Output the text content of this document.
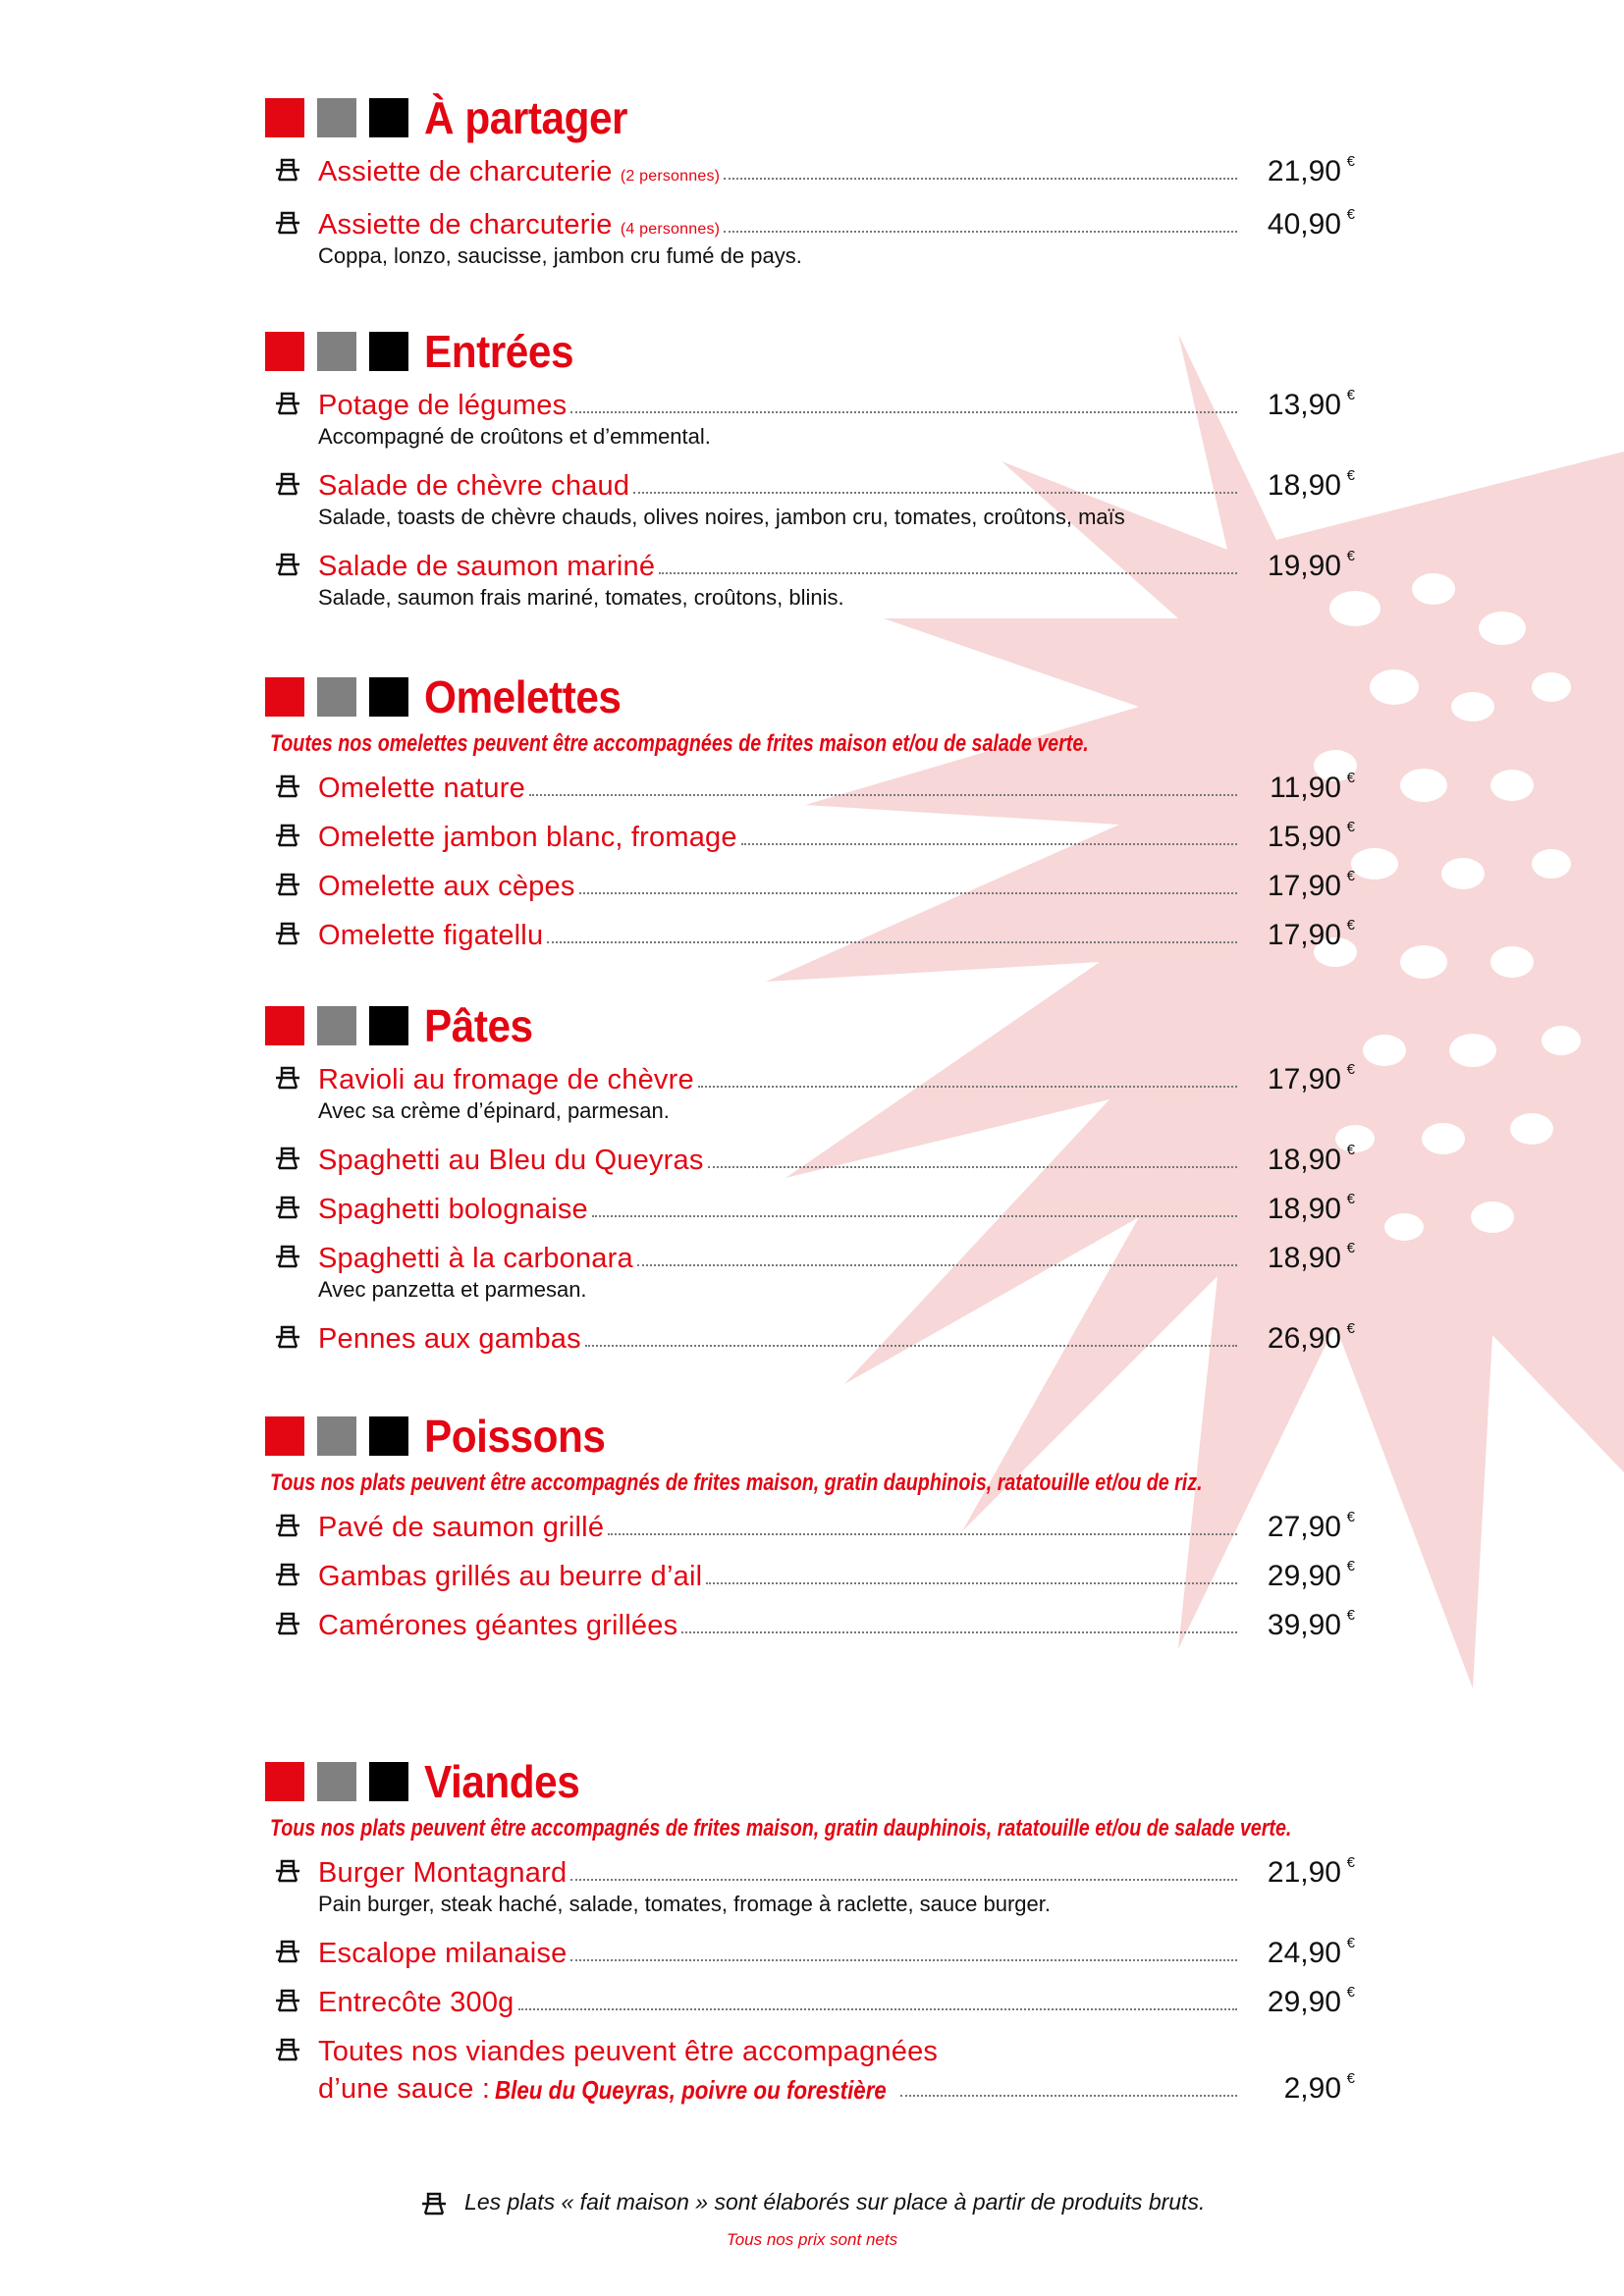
À partager
Assiette de charcuterie (2 personnes)	21,90 €
Assiette de charcuterie (4 personnes)	40,90 €
Coppa, lonzo, saucisse, jambon cru fumé de pays.
Entrées
Potage de légumes	13,90 €
Accompagné de croûtons et d’emmental.
Salade de chèvre chaud	18,90 €
Salade, toasts de chèvre chauds, olives noires, jambon cru, tomates, croûtons, maïs
Salade de saumon mariné	19,90 €
Salade, saumon frais mariné, tomates, croûtons, blinis.
Omelettes
Toutes nos omelettes peuvent être accompagnées de frites maison et/ou de salade verte.
Omelette nature	11,90 €
Omelette jambon blanc, fromage	15,90 €
Omelette aux cèpes	17,90 €
Omelette figatellu	17,90 €
Pâtes
Ravioli au fromage de chèvre	17,90 €
Avec sa crème d’épinard, parmesan.
Spaghetti au Bleu du Queyras	18,90 €
Spaghetti bolognaise	18,90 €
Spaghetti à la carbonara	18,90 €
Avec panzetta et parmesan.
Pennes aux gambas	26,90 €
Poissons
Tous nos plats peuvent être accompagnés de frites maison, gratin dauphinois, ratatouille et/ou de riz.
Pavé de saumon grillé	27,90 €
Gambas grillés au beurre d’ail	29,90 €
Camérones géantes grillées	39,90 €
Viandes
Tous nos plats peuvent être accompagnés de frites maison, gratin dauphinois, ratatouille et/ou de salade verte.
Burger Montagnard	21,90 €
Pain burger, steak haché, salade, tomates, fromage à raclette, sauce burger.
Escalope milanaise	24,90 €
Entrecôte 300g	29,90 €
Toutes nos viandes peuvent être accompagnées
d’une sauce :
Bleu du Queyras, poivre ou forestière	2,90 €
Les plats « fait maison » sont élaborés sur place à partir de produits bruts.
Tous nos prix sont nets
